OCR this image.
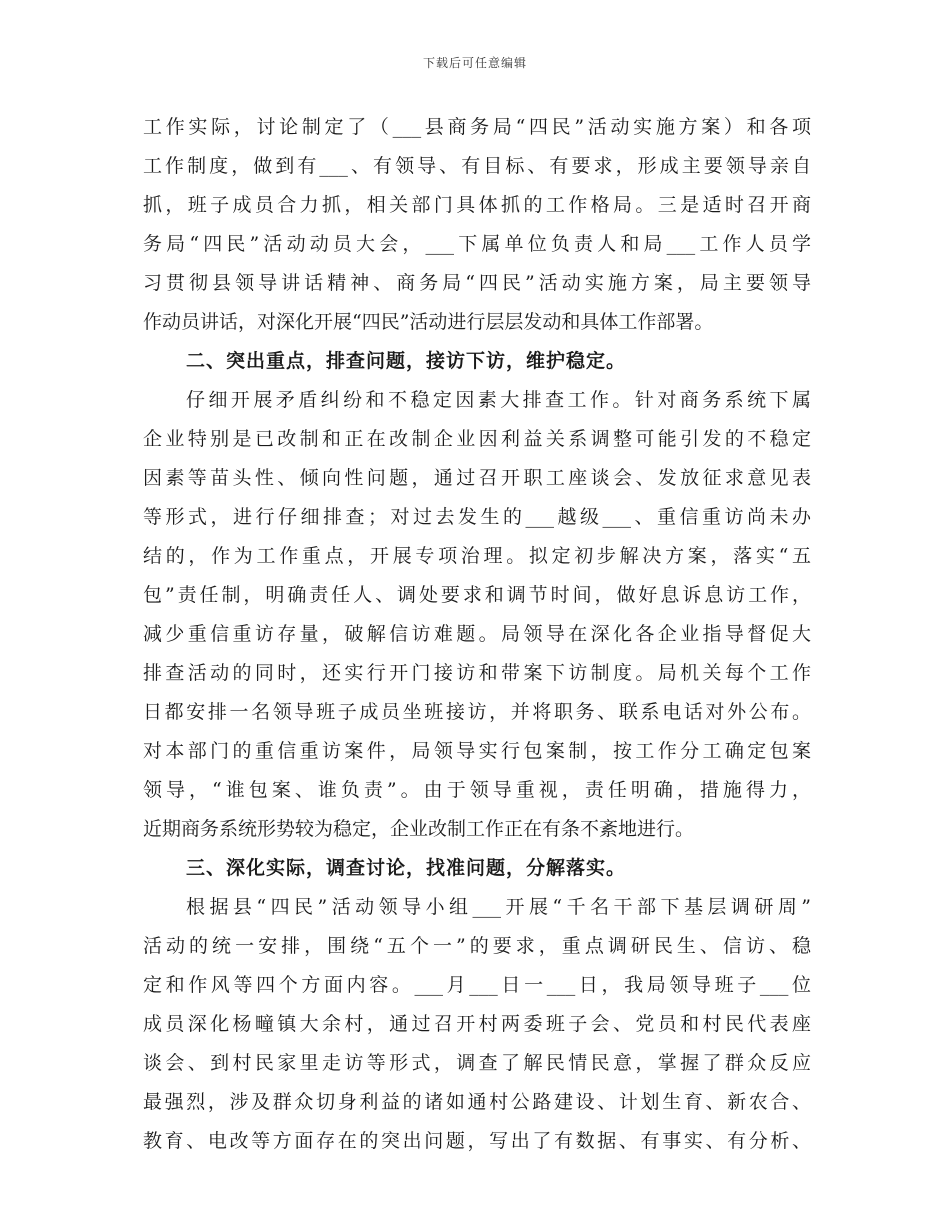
下载后可任意编辑
工作实际，讨论制定了（___县商务局“四民”活动实施方案）和各项
工作制度，做到有___、有领导、有目标、有要求，形成主要领导亲自
抓，班子成员合力抓，相关部门具体抓的工作格局。三是适时召开商
务局“四民”活动动员大会，___下属单位负责人和局___工作人员学
习贯彻县领导讲话精神、商务局“四民”活动实施方案，局主要领导
作动员讲话，对深化开展“四民”活动进行层层发动和具体工作部署。
二、突出重点，排查问题，接访下访，维护稳定。
仔细开展矛盾纠纷和不稳定因素大排查工作。针对商务系统下属
企业特别是已改制和正在改制企业因利益关系调整可能引发的不稳定
因素等苗头性、倾向性问题，通过召开职工座谈会、发放征求意见表
等形式，进行仔细排查；对过去发生的___越级___、重信重访尚未办
结的，作为工作重点，开展专项治理。拟定初步解决方案，落实“五
包”责任制，明确责任人、调处要求和调节时间，做好息诉息访工作，
减少重信重访存量，破解信访难题。局领导在深化各企业指导督促大
排查活动的同时，还实行开门接访和带案下访制度。局机关每个工作
日都安排一名领导班子成员坐班接访，并将职务、联系电话对外公布。
对本部门的重信重访案件，局领导实行包案制，按工作分工确定包案
领导，“谁包案、谁负责”。由于领导重视，责任明确，措施得力，
近期商务系统形势较为稳定，企业改制工作正在有条不紊地进行。
三、深化实际，调查讨论，找准问题，分解落实。
根据县“四民”活动领导小组___开展“千名干部下基层调研周”
活动的统一安排，围绕“五个一”的要求，重点调研民生、信访、稳
定和作风等四个方面内容。___月___日一___日，我局领导班子___位
成员深化杨疃镇大余村，通过召开村两委班子会、党员和村民代表座
谈会、到村民家里走访等形式，调查了解民情民意，掌握了群众反应
最强烈，涉及群众切身利益的诸如通村公路建设、计划生育、新农合、
教育、电改等方面存在的突出问题，写出了有数据、有事实、有分析、
